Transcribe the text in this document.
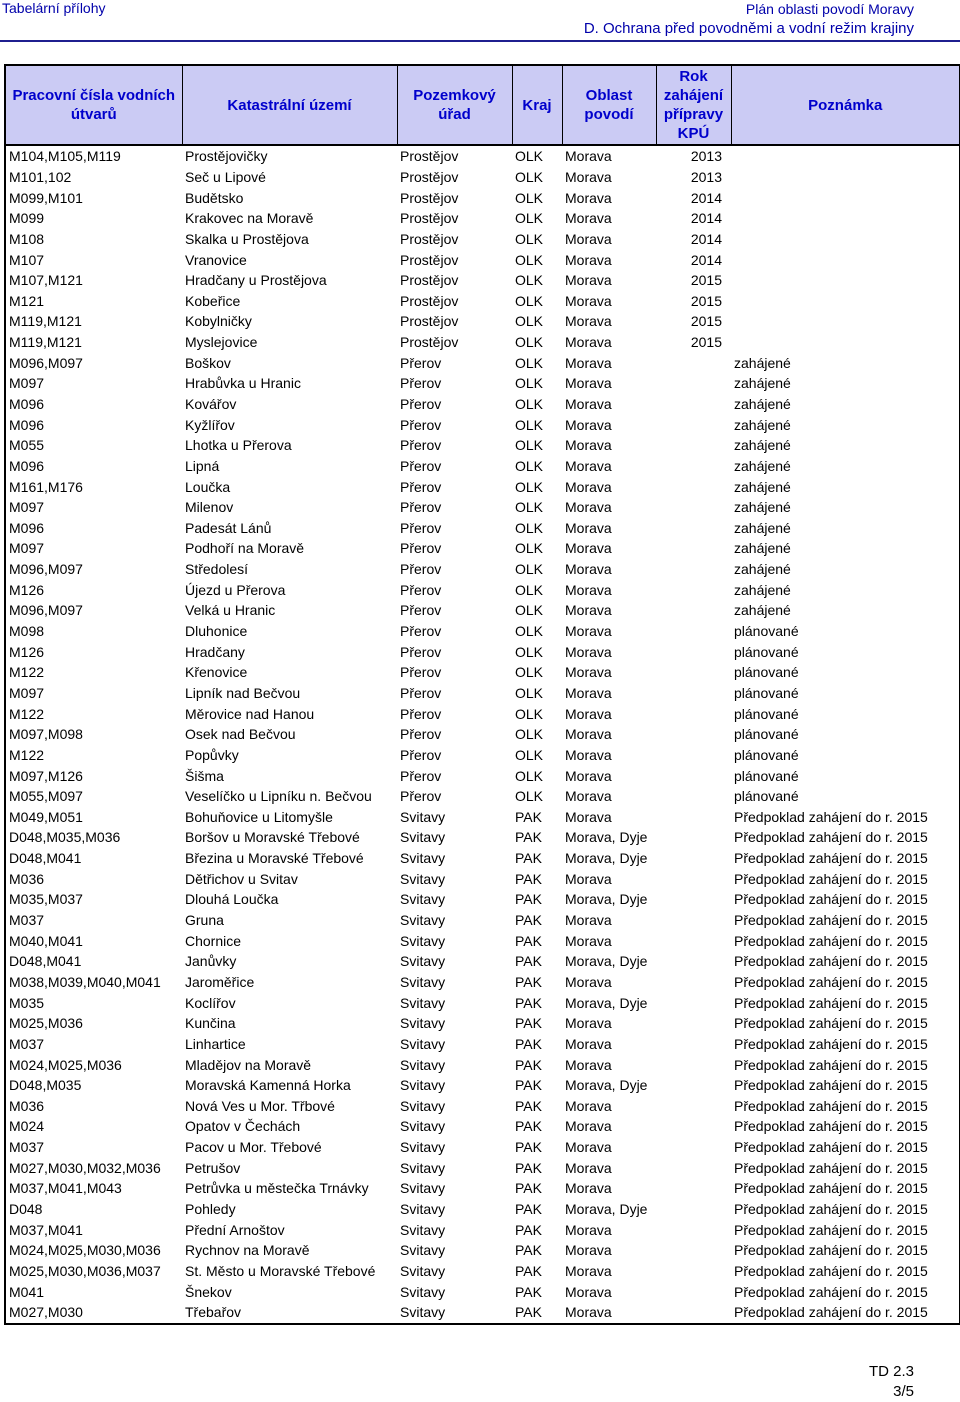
Tabelární přílohy	Plán oblasti povodí Moravy
D. Ochrana před povodněmi a vodní režim krajiny
Pracovní čísla vodních útvarů	Katastrální území	Pozemkový úřad	Kraj	Oblast povodí	Rok zahájení přípravy KPÚ	Poznámka
M104,M105,M119	Prostějovičky	Prostějov	OLK	Morava	2013	
M101,102	Seč u Lipové	Prostějov	OLK	Morava	2013	
M099,M101	Budětsko	Prostějov	OLK	Morava	2014	
M099	Krakovec na Moravě	Prostějov	OLK	Morava	2014	
M108	Skalka u Prostějova	Prostějov	OLK	Morava	2014	
M107	Vranovice	Prostějov	OLK	Morava	2014	
M107,M121	Hradčany u Prostějova	Prostějov	OLK	Morava	2015	
M121	Kobeřice	Prostějov	OLK	Morava	2015	
M119,M121	Kobylničky	Prostějov	OLK	Morava	2015	
M119,M121	Myslejovice	Prostějov	OLK	Morava	2015	
M096,M097	Boškov	Přerov	OLK	Morava		zahájené
M097	Hrabůvka u Hranic	Přerov	OLK	Morava		zahájené
M096	Kovářov	Přerov	OLK	Morava		zahájené
M096	Kyžlířov	Přerov	OLK	Morava		zahájené
M055	Lhotka u Přerova	Přerov	OLK	Morava		zahájené
M096	Lipná	Přerov	OLK	Morava		zahájené
M161,M176	Loučka	Přerov	OLK	Morava		zahájené
M097	Milenov	Přerov	OLK	Morava		zahájené
M096	Padesát Lánů	Přerov	OLK	Morava		zahájené
M097	Podhoří na Moravě	Přerov	OLK	Morava		zahájené
M096,M097	Středolesí	Přerov	OLK	Morava		zahájené
M126	Újezd u Přerova	Přerov	OLK	Morava		zahájené
M096,M097	Velká u Hranic	Přerov	OLK	Morava		zahájené
M098	Dluhonice	Přerov	OLK	Morava		plánované
M126	Hradčany	Přerov	OLK	Morava		plánované
M122	Křenovice	Přerov	OLK	Morava		plánované
M097	Lipník nad Bečvou	Přerov	OLK	Morava		plánované
M122	Měrovice nad Hanou	Přerov	OLK	Morava		plánované
M097,M098	Osek nad Bečvou	Přerov	OLK	Morava		plánované
M122	Popůvky	Přerov	OLK	Morava		plánované
M097,M126	Šišma	Přerov	OLK	Morava		plánované
M055,M097	Veselíčko u Lipníku n. Bečvou	Přerov	OLK	Morava		plánované
M049,M051	Bohuňovice u Litomyšle	Svitavy	PAK	Morava		Předpoklad zahájení do r. 2015
D048,M035,M036	Boršov u Moravské Třebové	Svitavy	PAK	Morava, Dyje		Předpoklad zahájení do r. 2015
D048,M041	Březina u Moravské Třebové	Svitavy	PAK	Morava, Dyje		Předpoklad zahájení do r. 2015
M036	Dětřichov u Svitav	Svitavy	PAK	Morava		Předpoklad zahájení do r. 2015
M035,M037	Dlouhá Loučka	Svitavy	PAK	Morava, Dyje		Předpoklad zahájení do r. 2015
M037	Gruna	Svitavy	PAK	Morava		Předpoklad zahájení do r. 2015
M040,M041	Chornice	Svitavy	PAK	Morava		Předpoklad zahájení do r. 2015
D048,M041	Janůvky	Svitavy	PAK	Morava, Dyje		Předpoklad zahájení do r. 2015
M038,M039,M040,M041	Jaroměřice	Svitavy	PAK	Morava		Předpoklad zahájení do r. 2015
M035	Koclířov	Svitavy	PAK	Morava, Dyje		Předpoklad zahájení do r. 2015
M025,M036	Kunčina	Svitavy	PAK	Morava		Předpoklad zahájení do r. 2015
M037	Linhartice	Svitavy	PAK	Morava		Předpoklad zahájení do r. 2015
M024,M025,M036	Mladějov na Moravě	Svitavy	PAK	Morava		Předpoklad zahájení do r. 2015
D048,M035	Moravská Kamenná Horka	Svitavy	PAK	Morava, Dyje		Předpoklad zahájení do r. 2015
M036	Nová Ves u Mor. Třbové	Svitavy	PAK	Morava		Předpoklad zahájení do r. 2015
M024	Opatov v Čechách	Svitavy	PAK	Morava		Předpoklad zahájení do r. 2015
M037	Pacov u Mor. Třebové	Svitavy	PAK	Morava		Předpoklad zahájení do r. 2015
M027,M030,M032,M036	Petrušov	Svitavy	PAK	Morava		Předpoklad zahájení do r. 2015
M037,M041,M043	Petrůvka u městečka Trnávky	Svitavy	PAK	Morava		Předpoklad zahájení do r. 2015
D048	Pohledy	Svitavy	PAK	Morava, Dyje		Předpoklad zahájení do r. 2015
M037,M041	Přední Arnoštov	Svitavy	PAK	Morava		Předpoklad zahájení do r. 2015
M024,M025,M030,M036	Rychnov na Moravě	Svitavy	PAK	Morava		Předpoklad zahájení do r. 2015
M025,M030,M036,M037	St. Město u Moravské Třebové	Svitavy	PAK	Morava		Předpoklad zahájení do r. 2015
M041	Šnekov	Svitavy	PAK	Morava		Předpoklad zahájení do r. 2015
M027,M030	Třebařov	Svitavy	PAK	Morava		Předpoklad zahájení do r. 2015
TD 2.3
3/5
